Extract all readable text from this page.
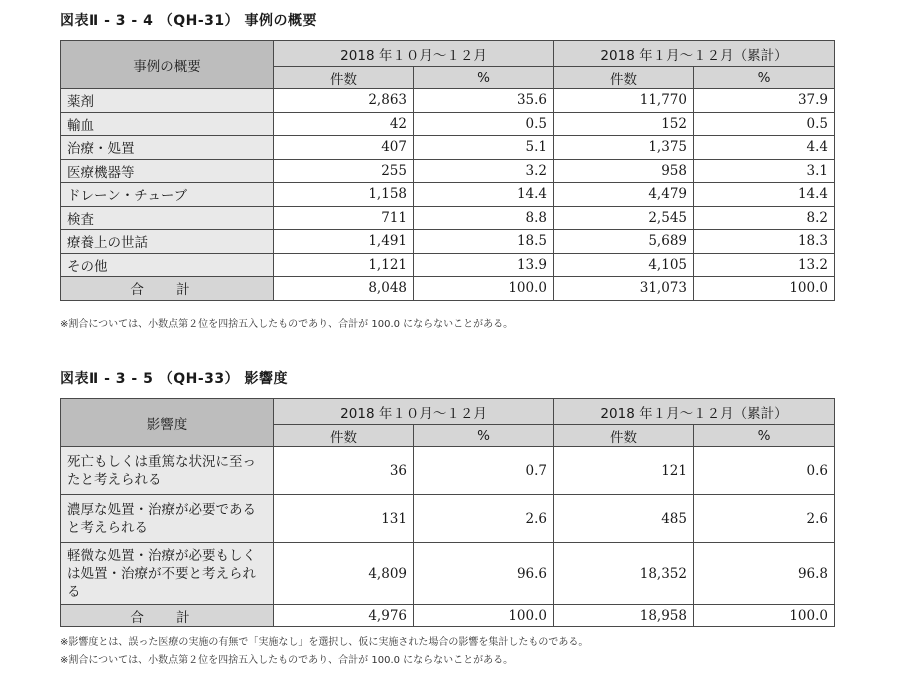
図表Ⅱ - 3 - 4 （QH-31） 事例の概要
事例の概要	2018 年１０月～１２月		2018 年１月～１２月（累計）	
	件数	%	件数	%
薬剤	2,863	35.6	11,770	37.9
輸血	42	0.5	152	0.5
治療・処置	407	5.1	1,375	4.4
医療機器等	255	3.2	958	3.1
ドレーン・チューブ	1,158	14.4	4,479	14.4
検査	711	8.8	2,545	8.2
療養上の世話	1,491	18.5	5,689	18.3
その他	1,121	13.9	4,105	13.2
合 計	8,048	100.0	31,073	100.0
※割合については、小数点第２位を四捨五入したものであり、合計が 100.0 にならないことがある。
図表Ⅱ - 3 - 5 （QH-33） 影響度
影響度	2018 年１０月～１２月		2018 年１月～１２月（累計）	
	件数	%	件数	%
死亡もしくは重篤な状況に至ったと考えられる	36	0.7	121	0.6
濃厚な処置・治療が必要であると考えられる	131	2.6	485	2.6
軽微な処置・治療が必要もしくは処置・治療が不要と考えられる	4,809	96.6	18,352	96.8
合 計	4,976	100.0	18,958	100.0
※影響度とは、誤った医療の実施の有無で「実施なし」を選択し、仮に実施された場合の影響を集計したものである。
※割合については、小数点第２位を四捨五入したものであり、合計が 100.0 にならないことがある。
